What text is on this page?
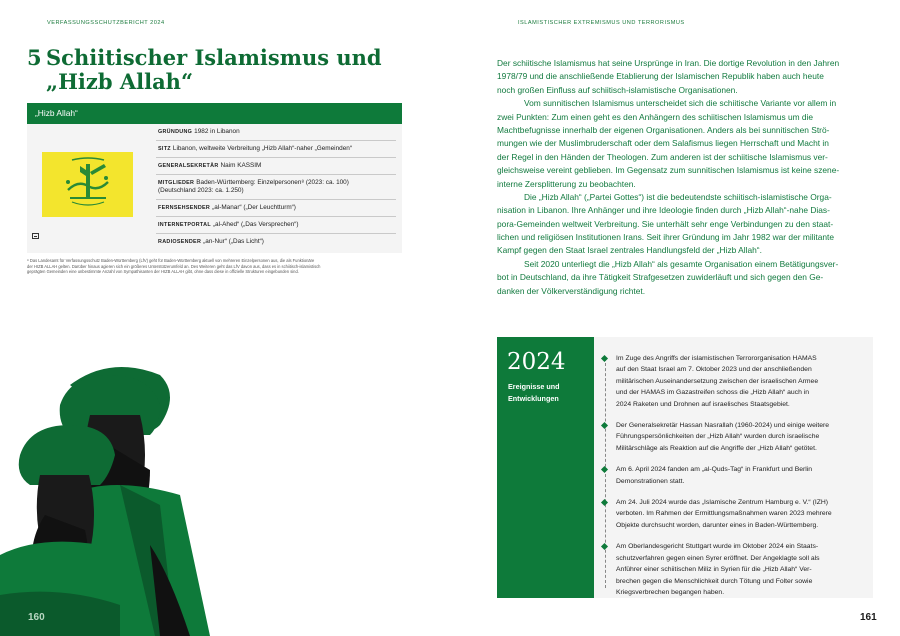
VERFASSUNGSSCHUTZBERICHT 2024	ISLAMISTISCHER EXTREMISMUS UND TERRORISMUS
5 Schiitischer Islamismus und
„Hizb Allah“
„Hizb Allah“
GRÜNDUNG 1982 in Libanon
SITZ Libanon, weltweite Verbreitung „Hizb Allah“-naher „Gemeinden“
GENERALSEKRETÄR Naim KASSIM
MITGLIEDER Baden-Württemberg: Einzelpersonen⁸ (2023: ca. 100)
(Deutschland 2023: ca. 1.250)
FERNSEHSENDER „al-Manar“ („Der Leuchtturm“)
INTERNETPORTAL „al-Ahed“ („Das Versprechen“)
RADIOSENDER „an-Nur“ („Das Licht“)
⁸ Das Landesamt für Verfassungsschutz Baden-Württemberg (LfV) geht für Baden-Württemberg aktuell von mehreren Einzelpersonen aus, die als Funktionäre
der HIZB ALLAH gelten. Darüber hinaus agieren sich ein größeres Unterstützerumfeld an. Des Weiteren geht das LfV davon aus, dass es in schiitisch-islamistisch
geprägten Gemeinden eine unbestimmte Anzahl von Sympathisanten der HIZB ALLAH gibt, ohne dass diese in offizielle Strukturen eingebunden sind.
Der schiitische Islamismus hat seine Ursprünge in Iran. Die dortige Revolution in den Jahren
1978/79 und die anschließende Etablierung der Islamischen Republik haben auch heute
noch großen Einfluss auf schiitisch-islamistische Organisationen.
Vom sunnitischen Islamismus unterscheidet sich die schiitische Variante vor allem in
zwei Punkten: Zum einen geht es den Anhängern des schiitischen Islamismus um die
Machtbefugnisse innerhalb der eigenen Organisationen. Anders als bei sunnitischen Strö-
mungen wie der Muslimbruderschaft oder dem Salafismus liegen Herrschaft und Macht in
der Regel in den Händen der Theologen. Zum anderen ist der schiitische Islamismus ver-
gleichsweise vereint geblieben. Im Gegensatz zum sunnitischen Islamismus ist keine szene-
interne Zersplitterung zu beobachten.
Die „Hizb Allah“ („Partei Gottes“) ist die bedeutendste schiitisch-islamistische Orga-
nisation in Libanon. Ihre Anhänger und ihre Ideologie finden durch „Hizb Allah“-nahe Dias-
pora-Gemeinden weltweit Verbreitung. Sie unterhält sehr enge Verbindungen zu den staat-
lichen und religiösen Institutionen Irans. Seit ihrer Gründung im Jahr 1982 war der militante
Kampf gegen den Staat Israel zentrales Handlungsfeld der „Hizb Allah“.
Seit 2020 unterliegt die „Hizb Allah“ als gesamte Organisation einem Betätigungsver-
bot in Deutschland, da ihre Tätigkeit Strafgesetzen zuwiderläuft und sich gegen den Ge-
danken der Völkerverständigung richtet.
2024
Ereignisse und
Entwicklungen
Im Zuge des Angriffs der islamistischen Terrororganisation HAMAS
auf den Staat Israel am 7. Oktober 2023 und der anschließenden
militärischen Auseinandersetzung zwischen der israelischen Armee
und der HAMAS im Gazastreifen schoss die „Hizb Allah“ auch in
2024 Raketen und Drohnen auf israelisches Staatsgebiet.
Der Generalsekretär Hassan Nasrallah (1960-2024) und einige weitere
Führungspersönlichkeiten der „Hizb Allah“ wurden durch israelische
Militärschläge als Reaktion auf die Angriffe der „Hizb Allah“ getötet.
Am 6. April 2024 fanden am „al-Quds-Tag“ in Frankfurt und Berlin
Demonstrationen statt.
Am 24. Juli 2024 wurde das „Islamische Zentrum Hamburg e. V.“ (IZH)
verboten. Im Rahmen der Ermittlungsmaßnahmen waren 2023 mehrere
Objekte durchsucht worden, darunter eines in Baden-Württemberg.
Am Oberlandesgericht Stuttgart wurde im Oktober 2024 ein Staats-
schutzverfahren gegen einen Syrer eröffnet. Der Angeklagte soll als
Anführer einer schiitischen Miliz in Syrien für die „Hizb Allah“ Ver-
brechen gegen die Menschlichkeit durch Tötung und Folter sowie
Kriegsverbrechen begangen haben.
160	161
